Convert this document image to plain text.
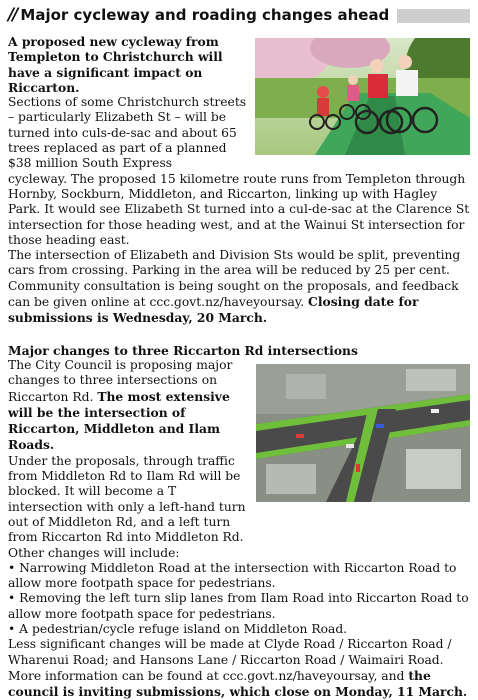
// Major cycleway and roading changes ahead

A proposed new cycleway from Templeton to Christchurch will have a significant impact on Riccarton.

Sections of some Christchurch streets – particularly Elizabeth St – will be turned into culs-de-sac and about 65 trees replaced as part of a planned $38 million South Express

cycleway. The proposed 15 kilometre route runs from Templeton through Hornby, Sockburn, Middleton, and Riccarton, linking up with Hagley Park. It would see Elizabeth St turned into a cul-de-sac at the Clarence St intersection for those heading west, and at the Wainui St intersection for those heading east.

The intersection of Elizabeth and Division Sts would be split, preventing cars from crossing. Parking in the area will be reduced by 25 per cent.

Community consultation is being sought on the proposals, and feedback can be given online at ccc.govt.nz/haveyoursay. Closing date for submissions is Wednesday, 20 March.

Major changes to three Riccarton Rd intersections

The City Council is proposing major changes to three intersections on Riccarton Rd. The most extensive will be the intersection of Riccarton, Middleton and Ilam Roads.

Under the proposals, through traffic from Middleton Rd to Ilam Rd will be blocked. It will become a T intersection with only a left-hand turn out of Middleton Rd, and a left turn from Riccarton Rd into Middleton Rd. Other changes will include:

• Narrowing Middleton Road at the intersection with Riccarton Road to allow more footpath space for pedestrians.
• Removing the left turn slip lanes from Ilam Road into Riccarton Road to allow more footpath space for pedestrians.
• A pedestrian/cycle refuge island on Middleton Road.

Less significant changes will be made at Clyde Road / Riccarton Road / Wharenui Road; and Hansons Lane / Riccarton Road / Waimairi Road.

More information can be found at ccc.govt.nz/haveyoursay, and the council is inviting submissions, which close on Monday, 11 March.
